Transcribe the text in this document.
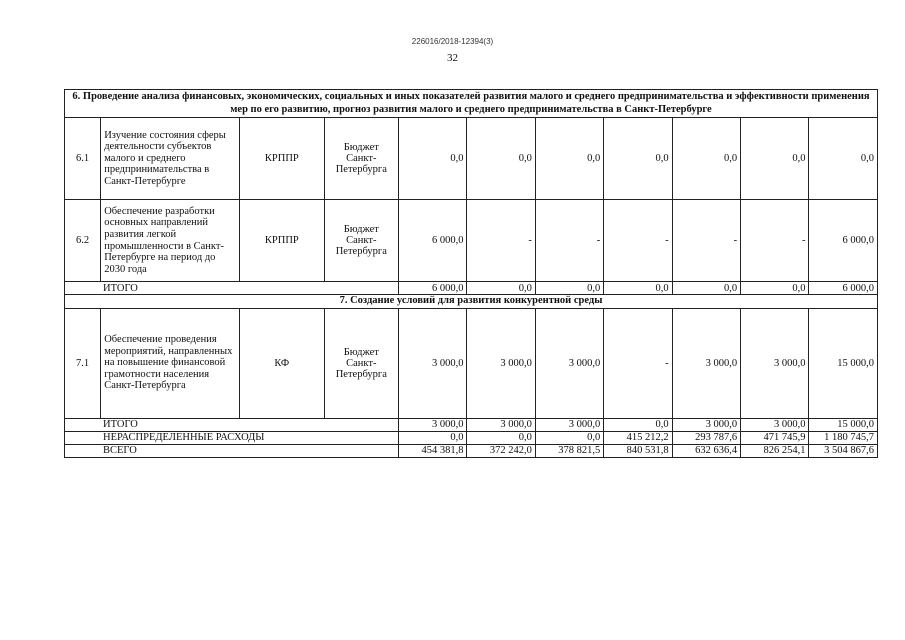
226016/2018-12394(3)
32
6. Проведение анализа финансовых, экономических, социальных и иных показателей развития малого и среднего предпринимательства и эффективности применения мер по его развитию, прогноз развития малого и среднего предпринимательства в Санкт-Петербурге										
6.1	Изучение состояния сферы деятельности субъектов малого и среднего предпринимательства в Санкт-Петербурге	КРППР	Бюджет Санкт-Петербурга	0,0	0,0	0,0	0,0	0,0	0,0	0,0
6.2	Обеспечение разработки основных направлений развития легкой промышленности в Санкт-Петербурге на период до 2030 года	КРППР	Бюджет Санкт-Петербурга	6 000,0	-	-	-	-	-	6 000,0
ИТОГО				6 000,0	0,0	0,0	0,0	0,0	0,0	6 000,0
7. Создание условий для развития конкурентной среды										
7.1	Обеспечение проведения мероприятий, направленных на повышение финансовой грамотности населения Санкт-Петербурга	КФ	Бюджет Санкт-Петербурга	3 000,0	3 000,0	3 000,0	-	3 000,0	3 000,0	15 000,0
ИТОГО				3 000,0	3 000,0	3 000,0	0,0	3 000,0	3 000,0	15 000,0
НЕРАСПРЕДЕЛЕННЫЕ РАСХОДЫ				0,0	0,0	0,0	415 212,2	293 787,6	471 745,9	1 180 745,7
ВСЕГО				454 381,8	372 242,0	378 821,5	840 531,8	632 636,4	826 254,1	3 504 867,6
